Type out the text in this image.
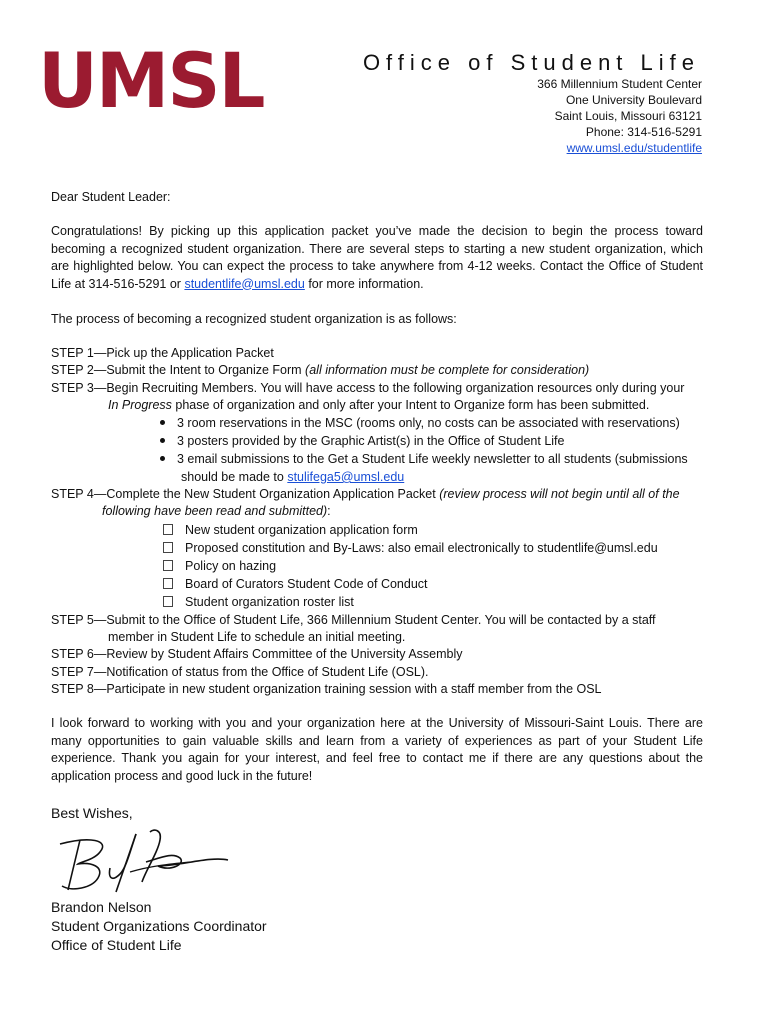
UMSL	Office of Student Life
366 Millennium Student Center
One University Boulevard
Saint Louis, Missouri 63121
Phone: 314-516-5291
www.umsl.edu/studentlife
Dear Student Leader:
Congratulations! By picking up this application packet you’ve made the decision to begin the process toward becoming a recognized student organization. There are several steps to starting a new student organization, which are highlighted below. You can expect the process to take anywhere from 4-12 weeks. Contact the Office of Student Life at 314-516-5291 or studentlife@umsl.edu for more information.
The process of becoming a recognized student organization is as follows:
STEP 1—Pick up the Application Packet
STEP 2—Submit the Intent to Organize Form (all information must be complete for consideration)
STEP 3—Begin Recruiting Members. You will have access to the following organization resources only during your
In Progress phase of organization and only after your Intent to Organize form has been submitted.
3 room reservations in the MSC (rooms only, no costs can be associated with reservations)
3 posters provided by the Graphic Artist(s) in the Office of Student Life
3 email submissions to the Get a Student Life weekly newsletter to all students (submissions
should be made to stulifega5@umsl.edu
STEP 4—Complete the New Student Organization Application Packet (review process will not begin until all of the
following have been read and submitted):
New student organization application form
Proposed constitution and By-Laws: also email electronically to studentlife@umsl.edu
Policy on hazing
Board of Curators Student Code of Conduct
Student organization roster list
STEP 5—Submit to the Office of Student Life, 366 Millennium Student Center. You will be contacted by a staff
member in Student Life to schedule an initial meeting.
STEP 6—Review by Student Affairs Committee of the University Assembly
STEP 7—Notification of status from the Office of Student Life (OSL).
STEP 8—Participate in new student organization training session with a staff member from the OSL
I look forward to working with you and your organization here at the University of Missouri-Saint Louis. There are many opportunities to gain valuable skills and learn from a variety of experiences as part of your Student Life experience. Thank you again for your interest, and feel free to contact me if there are any questions about the application process and good luck in the future!
Best Wishes,
Brandon Nelson
Student Organizations Coordinator
Office of Student Life
